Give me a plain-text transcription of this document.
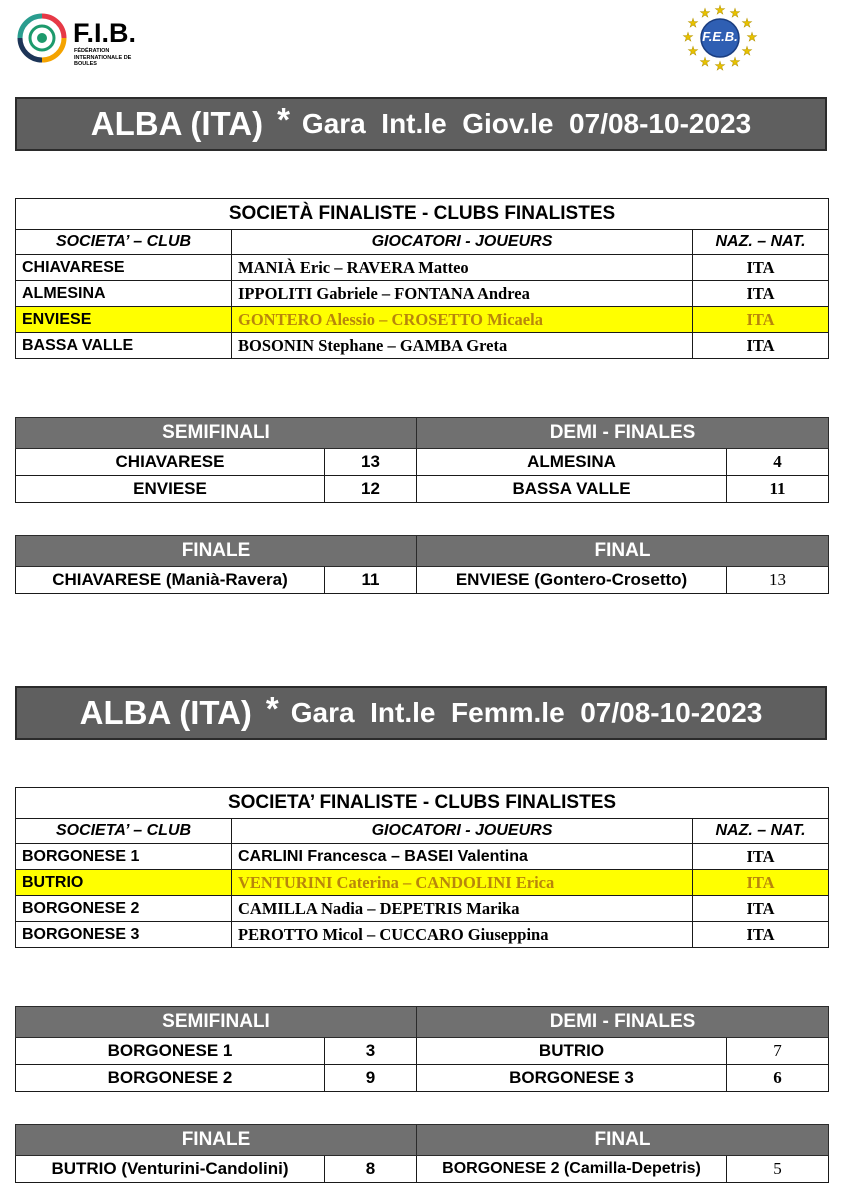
F.I.B.
FÉDÉRATION INTERNATIONALE DE BOULES
★ ★
★
★
★
★
★
★
★
★
★
★
F.E.B.
ALBA (ITA) * Gara  Int.le  Giov.le  07/08-10-2023
SOCIETÀ FINALISTE - CLUBS FINALISTES		
SOCIETA’ – CLUB	GIOCATORI - JOUEURS	NAZ. – NAT.
CHIAVARESE	MANIÀ Eric – RAVERA Matteo	ITA
ALMESINA	IPPOLITI Gabriele – FONTANA Andrea	ITA
ENVIESE	GONTERO Alessio – CROSETTO Micaela	ITA
BASSA VALLE	BOSONIN Stephane – GAMBA Greta	ITA
SEMIFINALI		DEMI - FINALES	
CHIAVARESE	13	ALMESINA	4
ENVIESE	12	BASSA VALLE	11
FINALE		FINAL	
CHIAVARESE (Manià-Ravera)	11	ENVIESE (Gontero-Crosetto)	13
ALBA (ITA) * Gara  Int.le  Femm.le  07/08-10-2023
SOCIETA’ FINALISTE - CLUBS FINALISTES		
SOCIETA’ – CLUB	GIOCATORI - JOUEURS	NAZ. – NAT.
BORGONESE 1	CARLINI Francesca – BASEI Valentina	ITA
BUTRIO	VENTURINI Caterina – CANDOLINI Erica	ITA
BORGONESE 2	CAMILLA Nadia – DEPETRIS Marika	ITA
BORGONESE 3	PEROTTO Micol – CUCCARO Giuseppina	ITA
SEMIFINALI		DEMI - FINALES	
BORGONESE 1	3	BUTRIO	7
BORGONESE 2	9	BORGONESE 3	6
FINALE		FINAL	
BUTRIO (Venturini-Candolini)	8	BORGONESE 2 (Camilla-Depetris)	5
